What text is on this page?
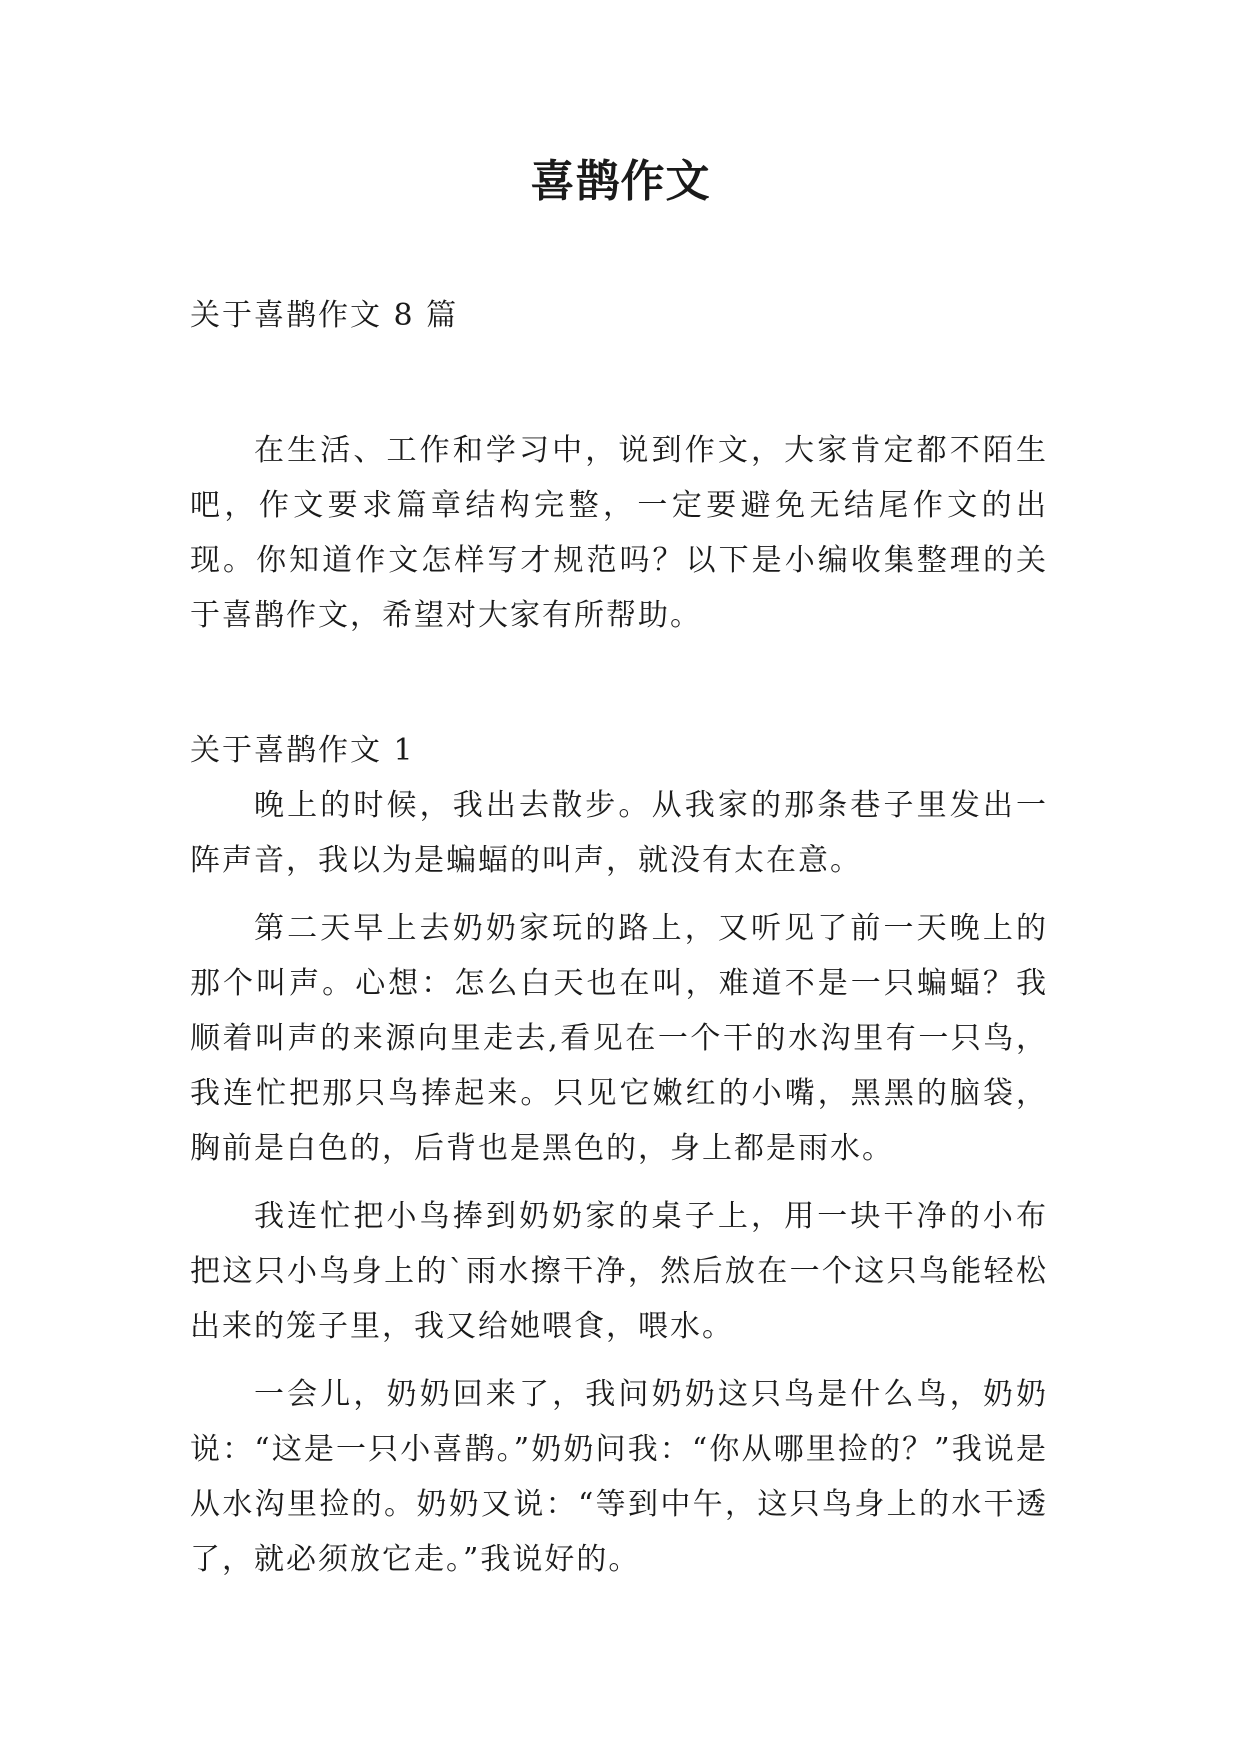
喜鹊作文

关于喜鹊作文 8 篇

在生活、工作和学习中，说到作文，大家肯定都不陌生吧，作文要求篇章结构完整，一定要避免无结尾作文的出现。你知道作文怎样写才规范吗？以下是小编收集整理的关于喜鹊作文，希望对大家有所帮助。

关于喜鹊作文 1

晚上的时候，我出去散步。从我家的那条巷子里发出一阵声音，我以为是蝙蝠的叫声，就没有太在意。

第二天早上去奶奶家玩的路上，又听见了前一天晚上的那个叫声。心想：怎么白天也在叫，难道不是一只蝙蝠？我顺着叫声的来源向里走去,看见在一个干的水沟里有一只鸟，我连忙把那只鸟捧起来。只见它嫩红的小嘴，黑黑的脑袋，胸前是白色的，后背也是黑色的，身上都是雨水。

我连忙把小鸟捧到奶奶家的桌子上，用一块干净的小布把这只小鸟身上的`雨水擦干净，然后放在一个这只鸟能轻松出来的笼子里，我又给她喂食，喂水。

一会儿，奶奶回来了，我问奶奶这只鸟是什么鸟，奶奶说：“这是一只小喜鹊。”奶奶问我：“你从哪里捡的？”我说是从水沟里捡的。奶奶又说：“等到中午，这只鸟身上的水干透了，就必须放它走。”我说好的。
